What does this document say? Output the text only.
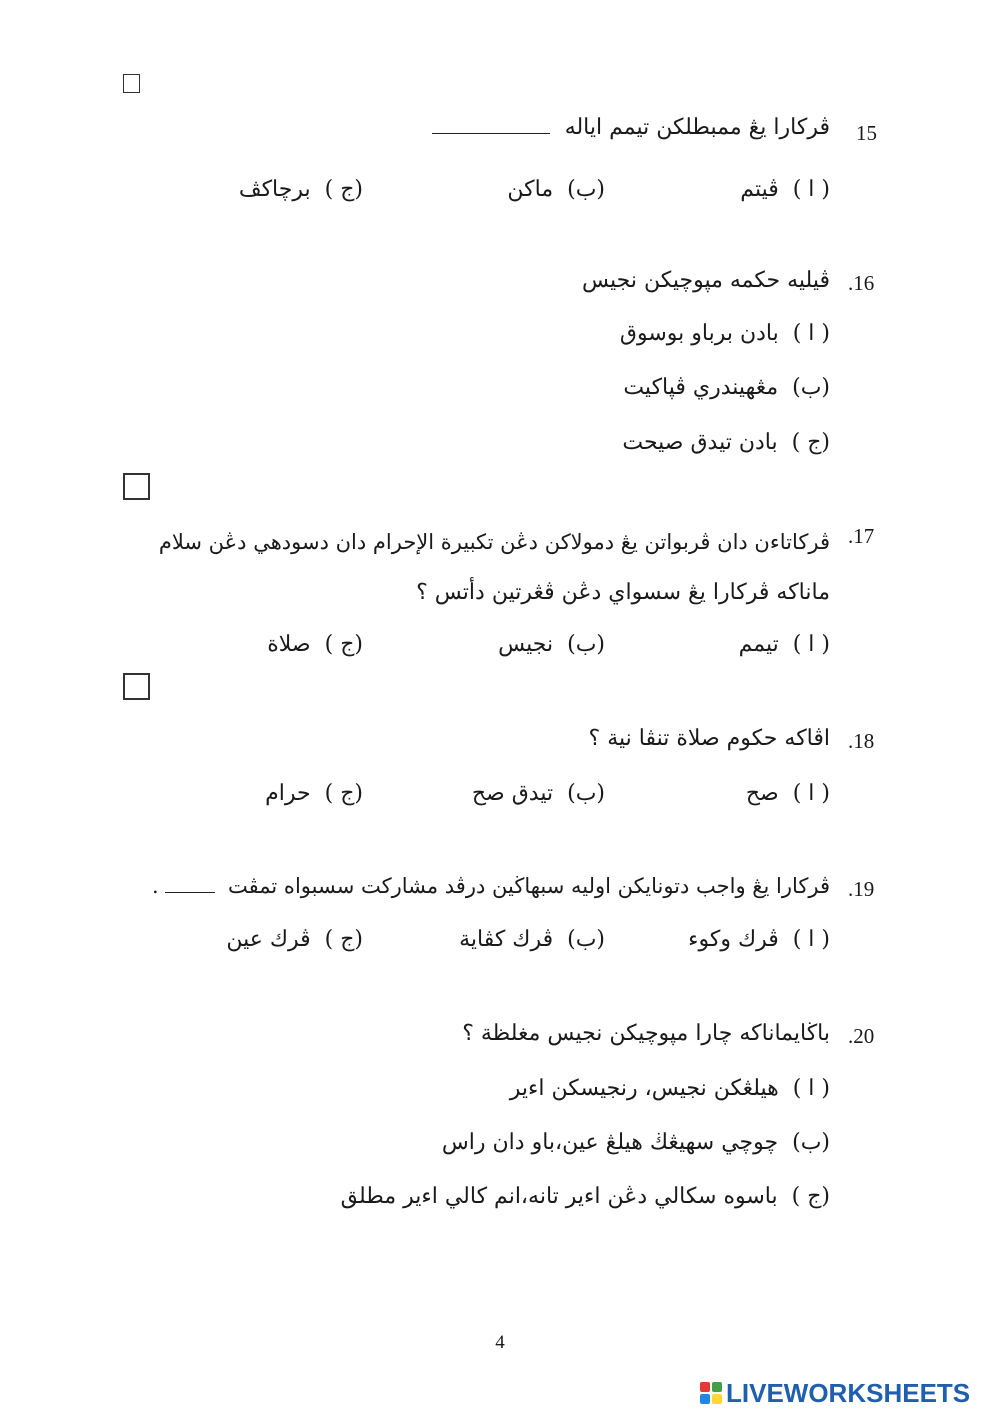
15
ڤركارا يڠ ممبطلكن تيمم اياله
( ا )ڤيتم
(ب)ماكن
(ج )برچاكڤ
.16
ڤيليه حكمه مڽوچيكن نجيس
( ا )بادن برباو بوسوق
(ب)مڠهيندري ڤڽاكيت
(ج )بادن تيدق صيحت
.17
ڤركاتاءن دان ڤربواتن يڠ دمولاكن دڠن تكبيرة الإحرام دان دسودهي دڠن سلام
ماناكه ڤركارا يڠ سسواي دڠن ڤڠرتين دأتس ؟
( ا )تيمم
(ب)نجيس
(ج )صلاة
.18
اڤاكه حكوم صلاة تنڤا نية ؟
( ا )صح
(ب)تيدق صح
(ج )حرام
.19
ڤركارا يڠ واجب دتونايكن اوليه سبهاڬين درڤد مشاركت سسبواه تمڤت  .
( ا )ڤرك وكوء
(ب)ڤرك كڤاية
(ج )ڤرك عين
.20
باڬايماناكه چارا مڽوچيكن نجيس مغلظة ؟
( ا )هيلڠكن نجيس، رنجيسكن اءير
(ب)چوچي سهيڠڬ هيلڠ عين،باو دان راس
(ج )باسوه سكالي دڠن اءير تانه،انم كالي اءير مطلق
4
LIVEWORKSHEETS
